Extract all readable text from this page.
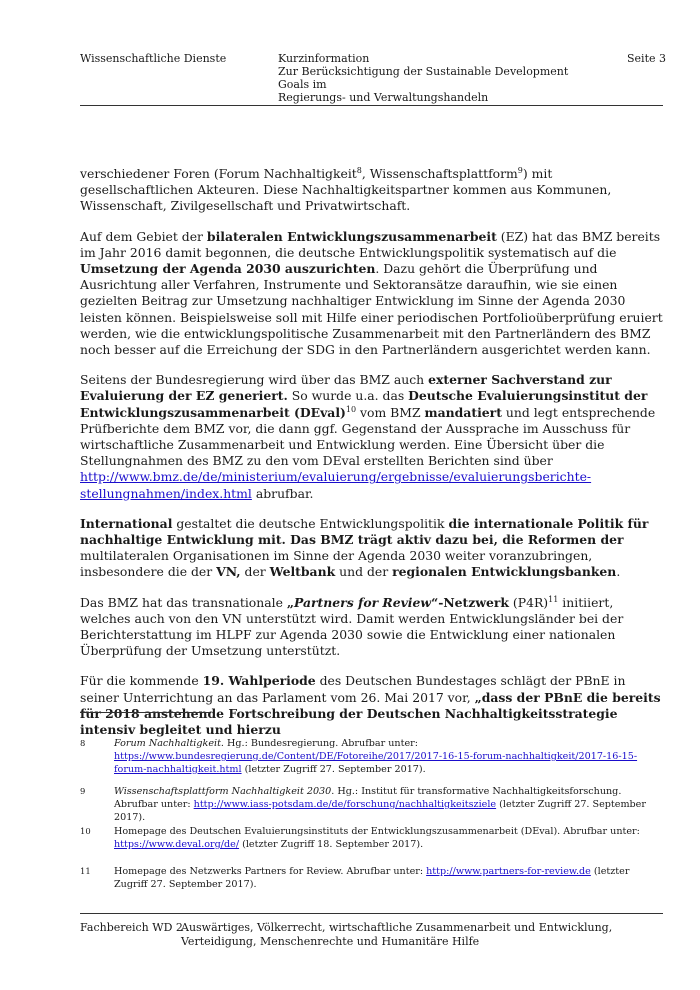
Wissenschaftliche Dienste	Kurzinformation
Zur Berücksichtigung der Sustainable Development Goals im
Regierungs- und Verwaltungshandeln
Seite 3

verschiedener Foren (Forum Nachhaltigkeit$^8$, Wissenschaftsplattform$^9$) mit gesellschaftlichen Akteuren. Diese Nachhaltigkeitspartner kommen aus Kommunen, Wissenschaft, Zivilgesellschaft und Privatwirtschaft.

Auf dem Gebiet der bilateralen Entwicklungszusammenarbeit (EZ) hat das BMZ bereits im Jahr 2016 damit begonnen, die deutsche Entwicklungspolitik systematisch auf die Umsetzung der Agenda 2030 auszurichten. Dazu gehört die Überprüfung und Ausrichtung aller Verfahren, Instrumente und Sektoransätze daraufhin, wie sie einen gezielten Beitrag zur Umsetzung nachhaltiger Entwicklung im Sinne der Agenda 2030 leisten können. Beispielsweise soll mit Hilfe einer periodischen Portfolioüberprüfung eruiert werden, wie die entwicklungspolitische Zusammenarbeit mit den Partnerländern des BMZ noch besser auf die Erreichung der SDG in den Partnerländern ausgerichtet werden kann.

Seitens der Bundesregierung wird über das BMZ auch externer Sachverstand zur Evaluierung der EZ generiert. So wurde u.a. das Deutsche Evaluierungsinstitut der Entwicklungszusammenarbeit (DEval)$^{10}$ vom BMZ mandatiert und legt entsprechende Prüfberichte dem BMZ vor, die dann ggf. Gegenstand der Aussprache im Ausschuss für wirtschaftliche Zusammenarbeit und Entwicklung werden. Eine Übersicht über die Stellungnahmen des BMZ zu den vom DEval erstellten Berichten sind über http://www.bmz.de/de/ministerium/evaluierung/ergebnisse/evaluierungsberichte-stellungnahmen/index.html abrufbar.

International gestaltet die deutsche Entwicklungspolitik die internationale Politik für nachhaltige Entwicklung mit. Das BMZ trägt aktiv dazu bei, die Reformen der multilateralen Organisationen im Sinne der Agenda 2030 weiter voranzubringen, insbesondere die der VN, der Weltbank und der regionalen Entwicklungsbanken.

Das BMZ hat das transnationale „Partners for Review“-Netzwerk $(P4R)^{11}$ initiiert, welches auch von den VN unterstützt wird. Damit werden Entwicklungsländer bei der Berichterstattung im HLPF zur Agenda 2030 sowie die Entwicklung einer nationalen Überprüfung der Umsetzung unterstützt.

Für die kommende 19. Wahlperiode des Deutschen Bundestages schlägt der PBnE in seiner Unterrichtung an das Parlament vom 26. Mai 2017 vor, „dass der PBnE die bereits für 2018 anstehende Fortschreibung der Deutschen Nachhaltigkeitsstrategie intensiv begleitet und hierzu

8	Forum Nachhaltigkeit. Hg.: Bundesregierung. Abrufbar unter: https://www.bundesregierung.de/Content/DE/Fotoreihe/2017/2017-16-15-forum-nachhaltigkeit/2017-16-15-forum-nachhaltigkeit.html (letzter Zugriff 27. September 2017).
9	Wissenschaftsplattform Nachhaltigkeit 2030. Hg.: Institut für transformative Nachhaltigkeitsforschung. Abrufbar unter: http://www.iass-potsdam.de/de/forschung/nachhaltigkeitsziele (letzter Zugriff 27. September 2017).
10 Homepage des Deutschen Evaluierungsinstituts der Entwicklungszusammenarbeit (DEval). Abrufbar unter: https://www.deval.org/de/ (letzter Zugriff 18. September 2017).
11 Homepage des Netzwerks Partners for Review. Abrufbar unter: http://www.partners-for-review.de (letzter Zugriff 27. September 2017).
Fachbereich WD 2
Auswärtiges, Völkerrecht, wirtschaftliche Zusammenarbeit und Entwicklung, Verteidigung, Menschenrechte und Humanitäre Hilfe
